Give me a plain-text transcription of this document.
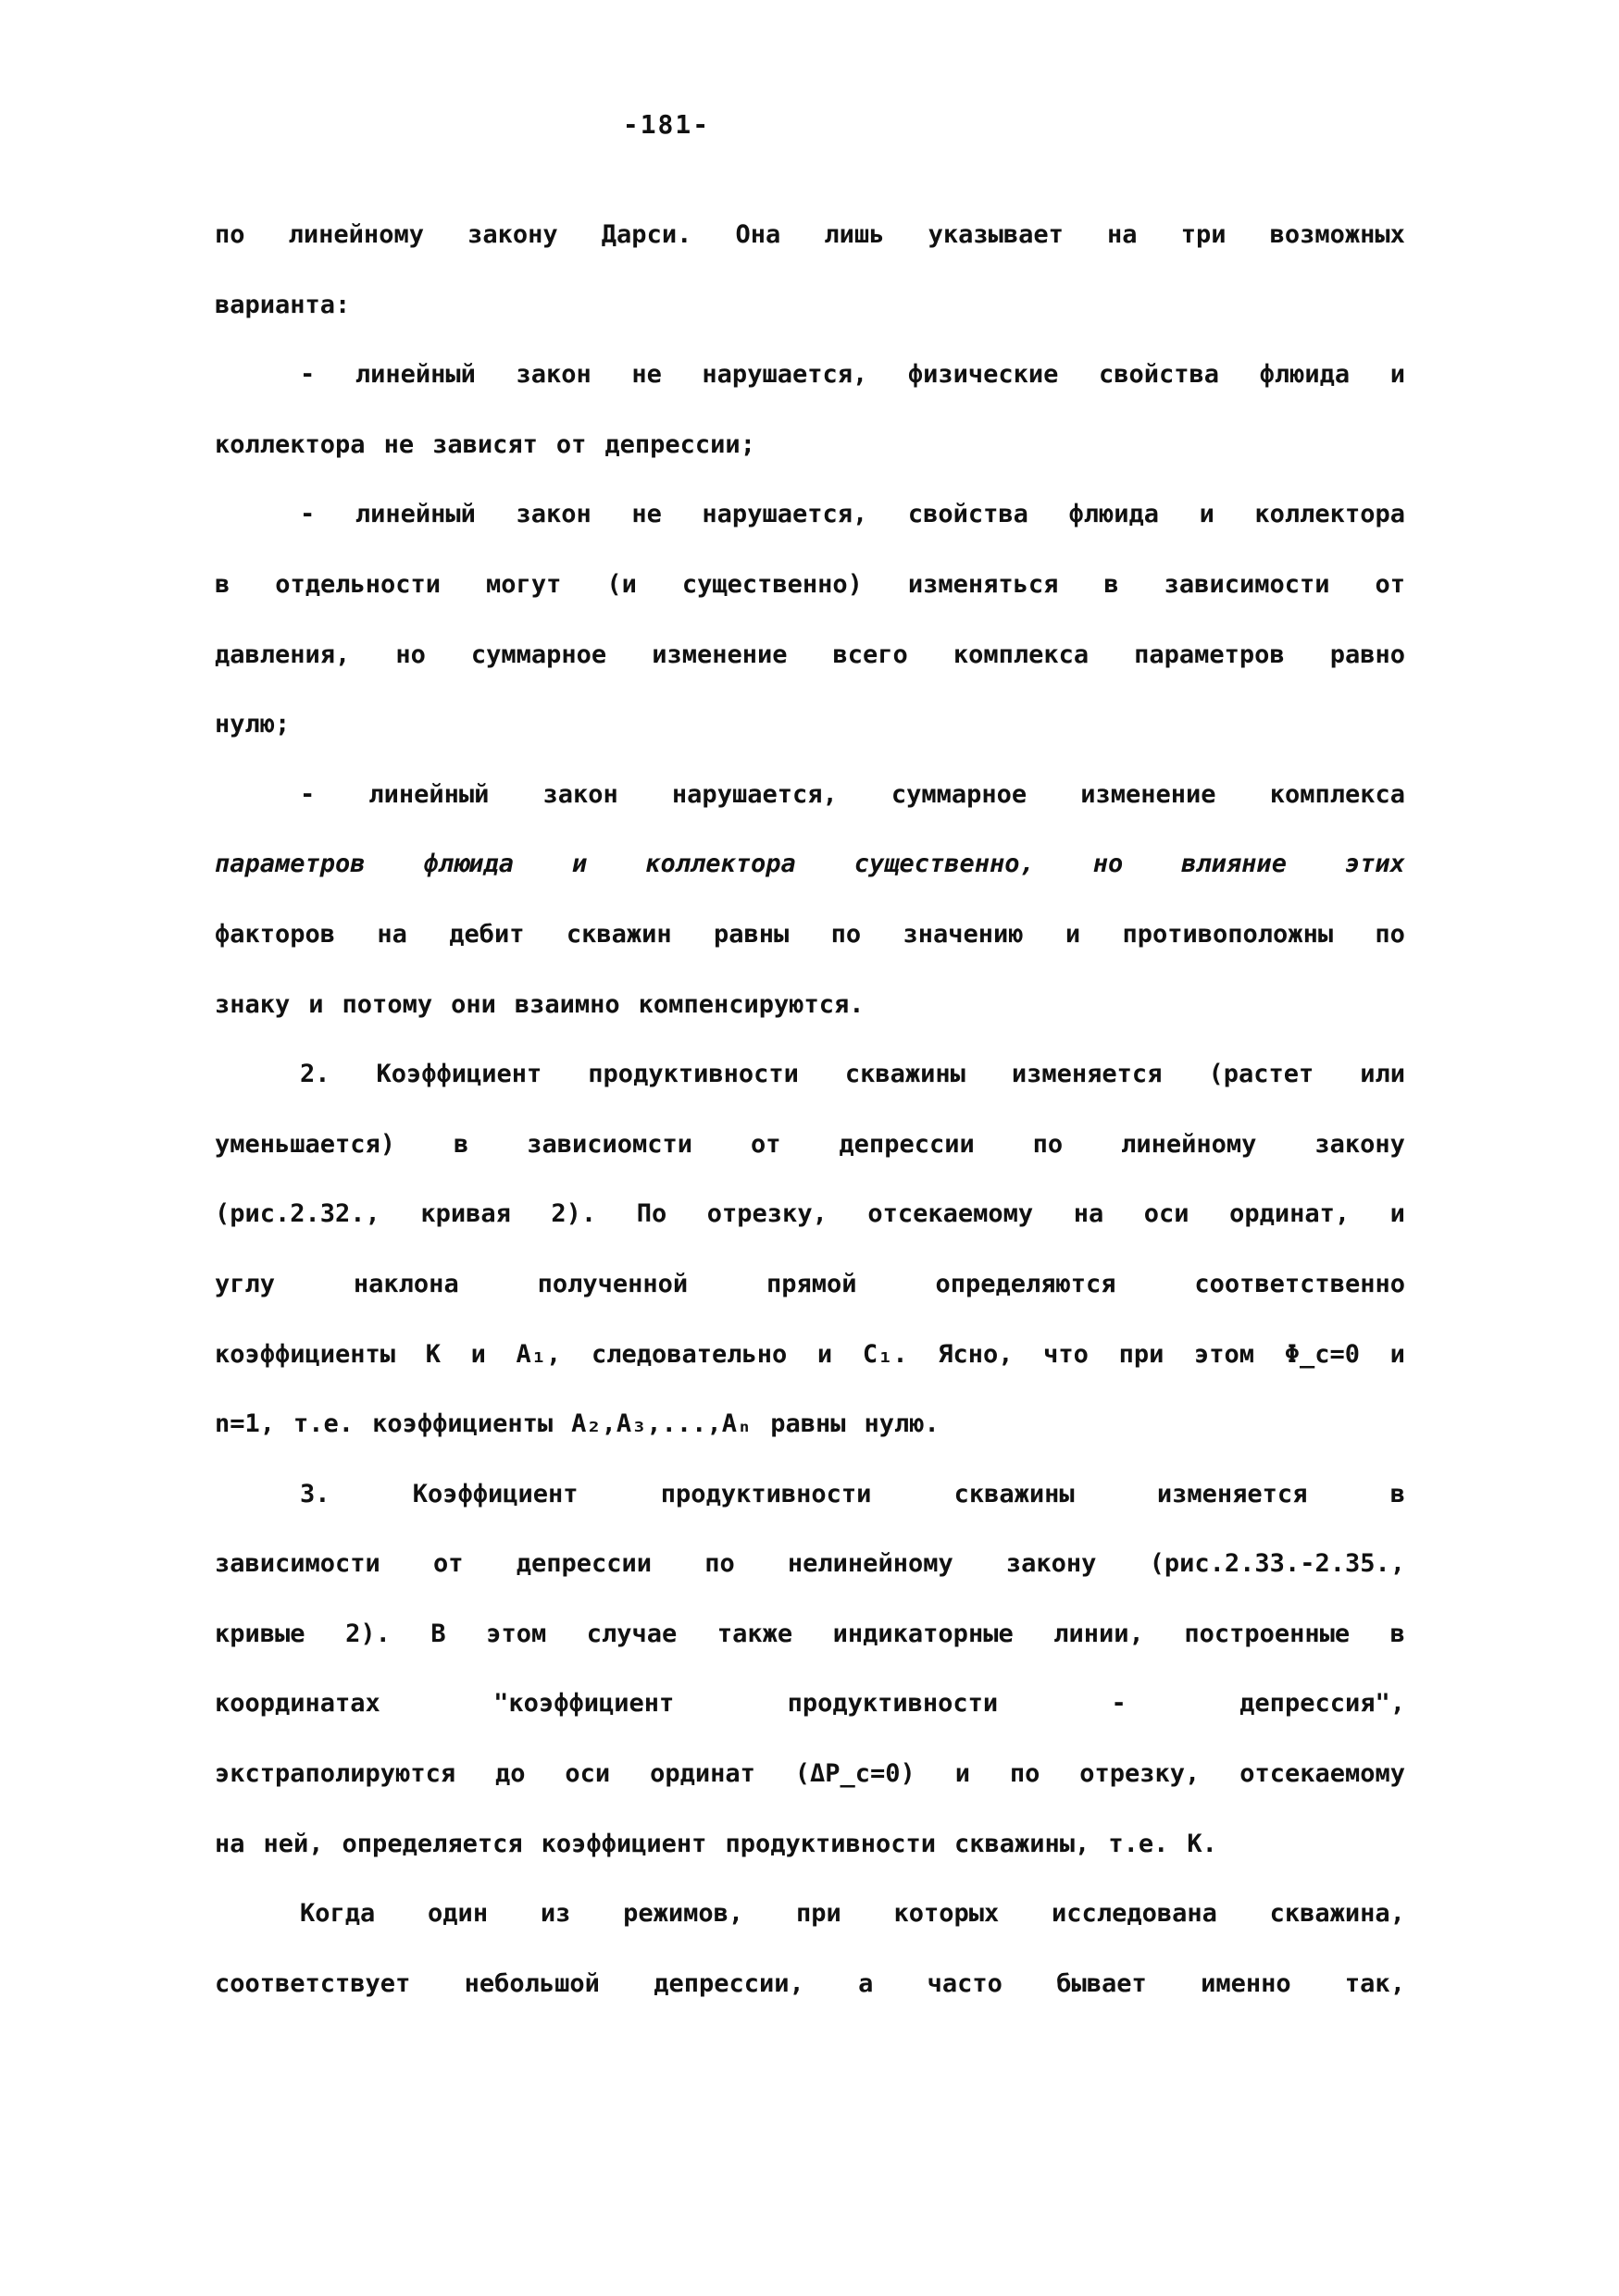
-181-
по линейному закону Дарси. Она лишь указывает на три возможных
варианта:
- линейный закон не нарушается, физические свойства флюида и
коллектора не зависят от депрессии;
- линейный закон не нарушается, свойства флюида и коллектора
в отдельности могут (и существенно) изменяться в зависимости от
давления, но суммарное изменение всего комплекса параметров равно
нулю;
- линейный закон нарушается, суммарное изменение комплекса
параметров флюида и коллектора существенно, но влияние этих
факторов на дебит скважин равны по значению и противоположны по
знаку и потому они взаимно компенсируются.
2. Коэффициент продуктивности скважины изменяется (растет или
уменьшается) в зависиомсти от депрессии по линейному закону
(рис.2.32., кривая 2). По отрезку, отсекаемому на оси ординат, и
углу	наклона	полученной	прямой	определяются	соответственно
коэффициенты К и A₁, следовательно и C₁. Ясно, что при этом Φ_c=0 и
n=1, т.е. коэффициенты A₂,A₃,...,Aₙ равны нулю.
3.	Коэффициент	продуктивности	скважины	изменяется	в
зависимости от депрессии по нелинейному закону (рис.2.33.-2.35.,
кривые 2). В этом случае также индикаторные линии, построенные в
координатах	"коэффициент	продуктивности	-	депрессия",
экстраполируются до оси ординат (ΔP_c=0) и по отрезку, отсекаемому
на ней, определяется коэффициент продуктивности скважины, т.е. К.
Когда один из режимов, при которых исследована скважина,
соответствует небольшой депрессии, а часто бывает именно так,
